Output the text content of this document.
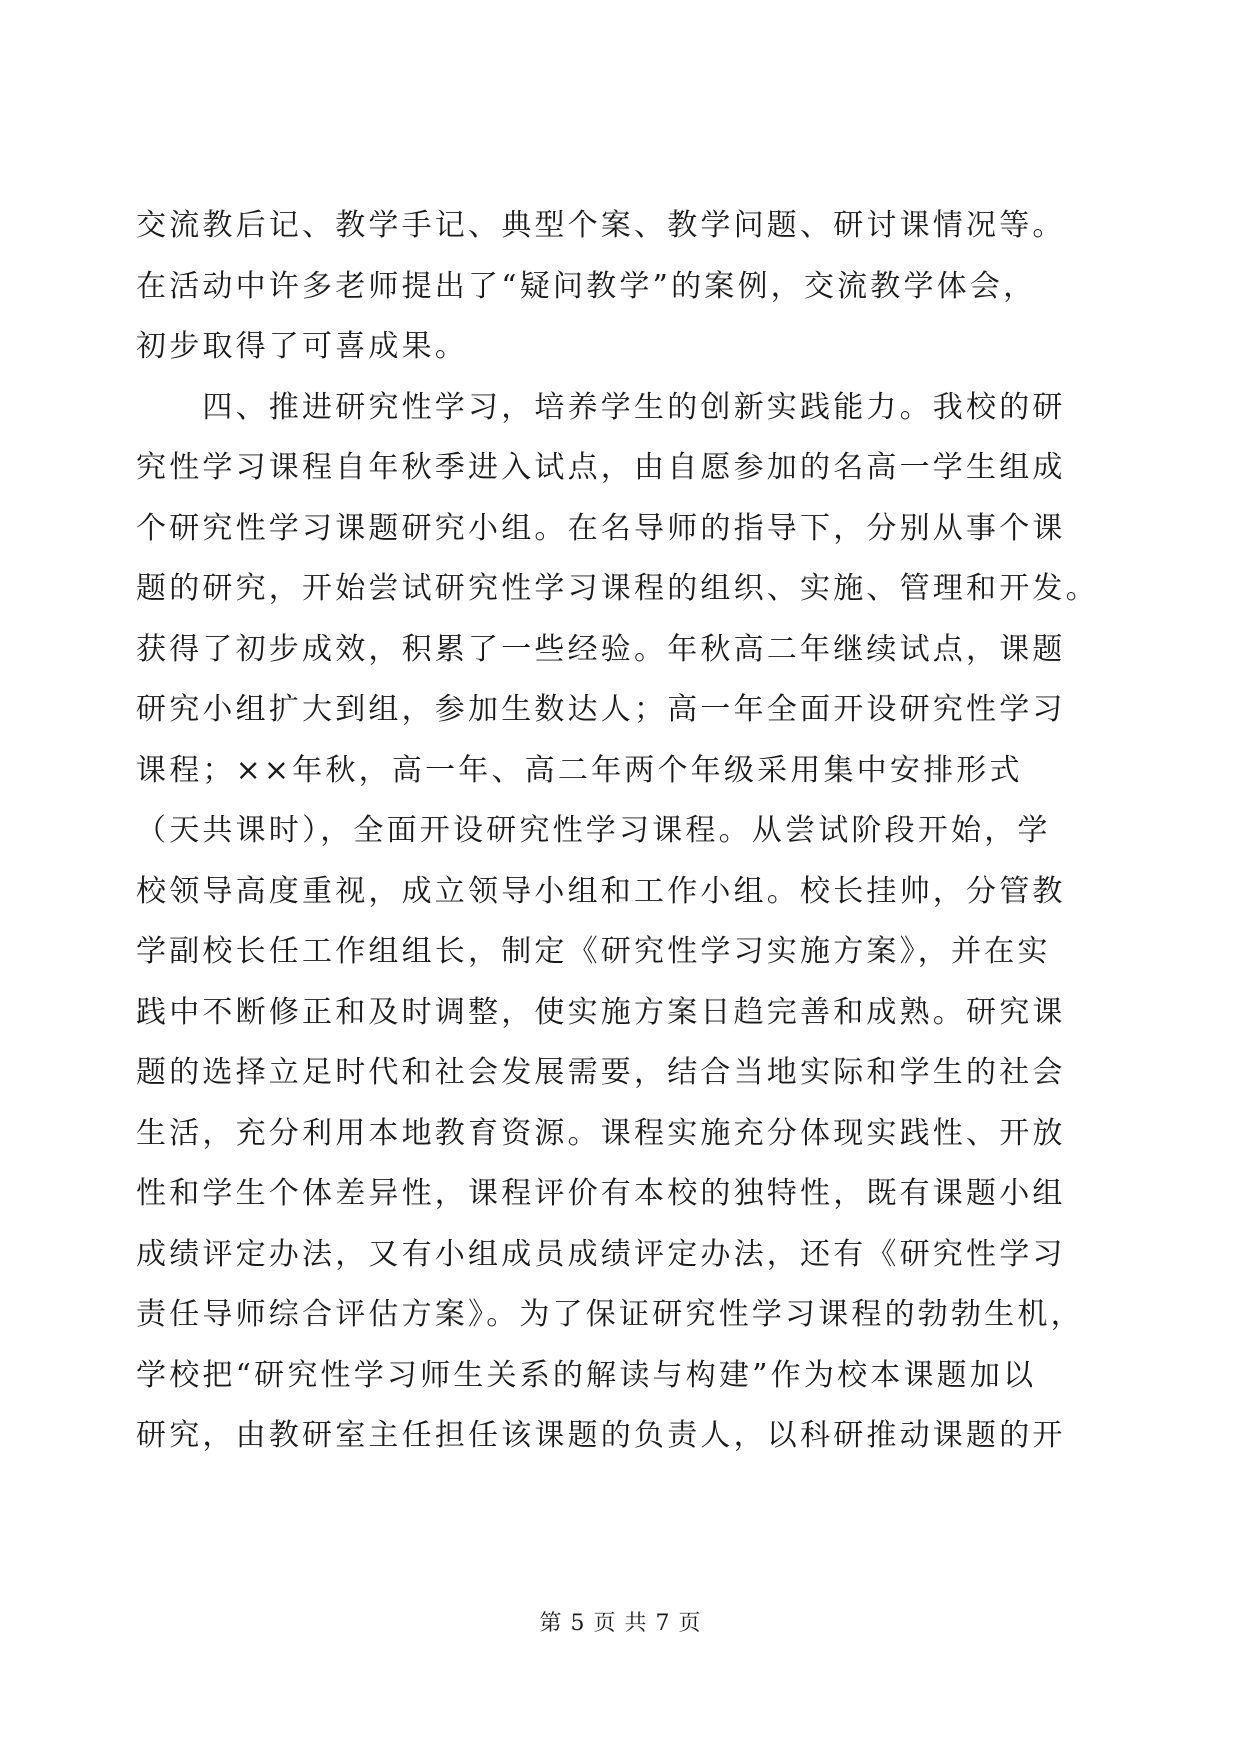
交流教后记、教学手记、典型个案、教学问题、研讨课情况等。
在活动中许多老师提出了“疑问教学”的案例，交流教学体会，
初步取得了可喜成果。
　　四、推进研究性学习，培养学生的创新实践能力。我校的研
究性学习课程自年秋季进入试点，由自愿参加的名高一学生组成
个研究性学习课题研究小组。在名导师的指导下，分别从事个课
题的研究，开始尝试研究性学习课程的组织、实施、管理和开发。
获得了初步成效，积累了一些经验。年秋高二年继续试点，课题
研究小组扩大到组，参加生数达人；高一年全面开设研究性学习
课程；××年秋，高一年、高二年两个年级采用集中安排形式
（天共课时），全面开设研究性学习课程。从尝试阶段开始，学
校领导高度重视，成立领导小组和工作小组。校长挂帅，分管教
学副校长任工作组组长，制定《研究性学习实施方案》，并在实
践中不断修正和及时调整，使实施方案日趋完善和成熟。研究课
题的选择立足时代和社会发展需要，结合当地实际和学生的社会
生活，充分利用本地教育资源。课程实施充分体现实践性、开放
性和学生个体差异性，课程评价有本校的独特性，既有课题小组
成绩评定办法，又有小组成员成绩评定办法，还有《研究性学习
责任导师综合评估方案》。为了保证研究性学习课程的勃勃生机，
学校把“研究性学习师生关系的解读与构建”作为校本课题加以
研究，由教研室主任担任该课题的负责人，以科研推动课题的开
第 5 页 共 7 页
